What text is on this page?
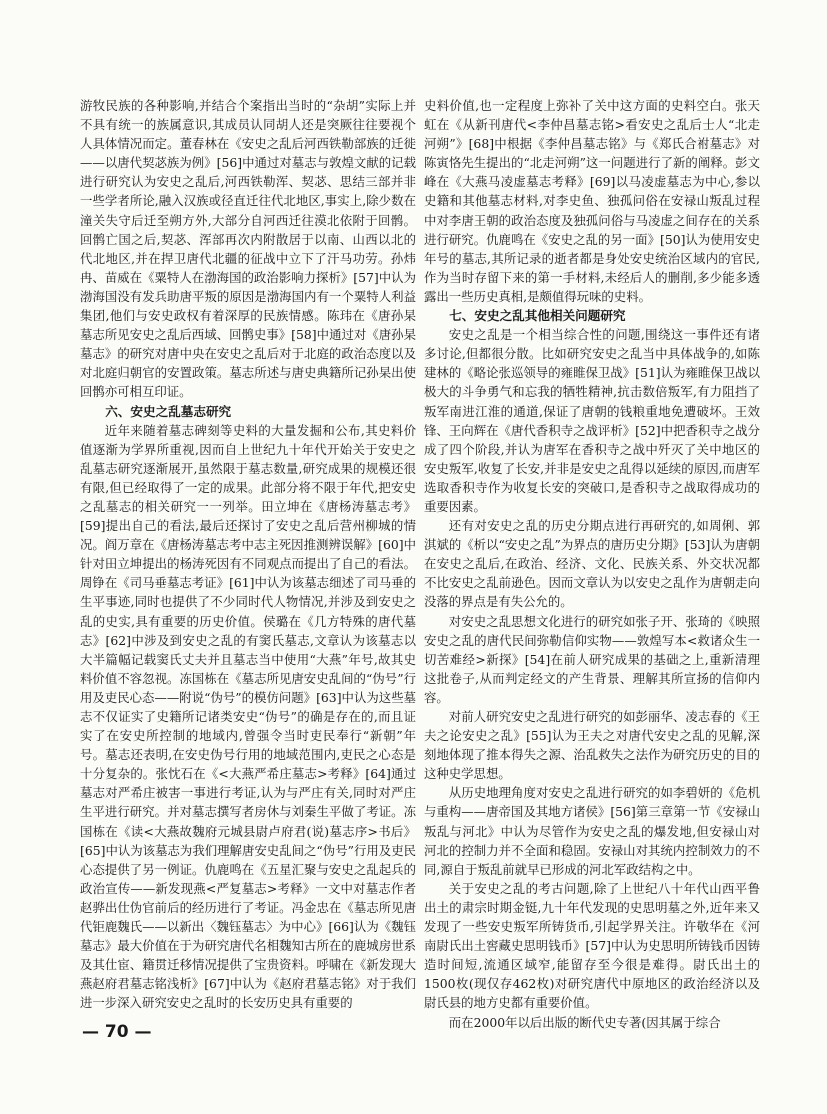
游牧民族的各种影响,并结合个案指出当时的“杂胡”实际上并不具有统一的族属意识,其成员认同胡人还是突厥往往要视个人具体情况而定。董春林在《安史之乱后河西铁勒部族的迁徙——以唐代契苾族为例》[56]中通过对墓志与敦煌文献的记载进行研究认为安史之乱后,河西铁勒浑、契苾、思结三部并非一些学者所论,融入汉族或径直迁往代北地区,事实上,除少数在潼关失守后迁至朔方外,大部分自河西迁往漠北依附于回鹘。回鹘亡国之后,契苾、浑部再次内附散居于以南、山西以北的代北地区,并在捍卫唐代北疆的征战中立下了汗马功劳。孙炜冉、苗威在《粟特人在渤海国的政治影响力探析》[57]中认为渤海国没有发兵助唐平叛的原因是渤海国内有一个粟特人利益集团,他们与安史政权有着深厚的民族情感。陈玮在《唐孙杲墓志所见安史之乱后西域、回鹘史事》[58]中通过对《唐孙杲墓志》的研究对唐中央在安史之乱后对于北庭的政治态度以及对北庭归朝官的安置政策。墓志所述与唐史典籍所记孙杲出使回鹘亦可相互印证。

六、安史之乱墓志研究

近年来随着墓志碑刻等史料的大量发掘和公布,其史料价值逐渐为学界所重视,因而自上世纪九十年代开始关于安史之乱墓志研究逐渐展开,虽然限于墓志数量,研究成果的规模还很有限,但已经取得了一定的成果。此部分将不限于年代,把安史之乱墓志的相关研究一一列举。田立坤在《唐杨涛墓志考》[59]提出自己的看法,最后还探讨了安史之乱后营州柳城的情况。阎万章在《唐杨涛墓志考中志主死因推测辨误解》[60]中针对田立坤提出的杨涛死因有不同观点而提出了自己的看法。周铮在《司马垂墓志考证》[61]中认为该墓志细述了司马垂的生平事迹,同时也提供了不少同时代人物情况,并涉及到安史之乱的史实,具有重要的历史价值。侯璐在《几方特殊的唐代墓志》[62]中涉及到安史之乱的有窦氏墓志,文章认为该墓志以大半篇幅记载窦氏丈夫并且墓志当中使用“大燕”年号,故其史料价值不容忽视。冻国栋在《墓志所见唐安史乱间的“伪号”行用及吏民心态——附说“伪号”的模仿问题》[63]中认为这些墓志不仅证实了史籍所记诸类安史“伪号”的确是存在的,而且证实了在安史所控制的地域内,曾强令当时吏民奉行“新朝”年号。墓志还表明,在安史伪号行用的地域范围内,吏民之心态是十分复杂的。张忱石在《<大燕严希庄墓志>考释》[64]通过墓志对严希庄被害一事进行考证,认为与严庄有关,同时对严庄生平进行研究。并对墓志撰写者房休与刘秦生平做了考证。冻国栋在《读<大燕故魏府元城县尉卢府君(说)墓志序>书后》[65]中认为该墓志为我们理解唐安史乱间之“伪号”行用及吏民心态提供了另一例证。仇鹿鸣在《五星汇聚与安史之乱起兵的政治宣传——新发现燕<严复墓志>考释》一文中对墓志作者赵骅出仕伪官前后的经历进行了考证。冯金忠在《墓志所见唐代钜鹿魏氏——以新出〈魏钰墓志〉为中心》[66]认为《魏钰墓志》最大价值在于为研究唐代名相魏知古所在的鹿城房世系及其仕宦、籍贯迁移情况提供了宝贵资料。呼啸在《新发现大燕赵府君墓志铭浅析》[67]中认为《赵府君墓志铭》对于我们进一步深入研究安史之乱时的长安历史具有重要的

史料价值,也一定程度上弥补了关中这方面的史料空白。张天虹在《从新刊唐代<李仲昌墓志铭>看安史之乱后士人“北走河朔”》[68]中根据《李仲昌墓志铭》与《郑氏合祔墓志》对陈寅恪先生提出的“北走河朔”这一问题进行了新的阐释。彭文峰在《大燕马凌虚墓志考释》[69]以马凌虚墓志为中心,参以史籍和其他墓志材料,对李史鱼、独孤问俗在安禄山叛乱过程中对李唐王朝的政治态度及独孤问俗与马凌虚之间存在的关系进行研究。仇鹿鸣在《安史之乱的另一面》[50]认为使用安史年号的墓志,其所记录的逝者都是身处安史统治区域内的官民,作为当时存留下来的第一手材料,未经后人的删削,多少能多透露出一些历史真相,是颇值得玩味的史料。

七、安史之乱其他相关问题研究

安史之乱是一个相当综合性的问题,围绕这一事件还有诸多讨论,但都很分散。比如研究安史之乱当中具体战争的,如陈建林的《略论张巡领导的雍睢保卫战》[51]认为雍睢保卫战以极大的斗争勇气和忘我的牺牲精神,抗击数倍叛军,有力阻挡了叛军南进江淮的通道,保证了唐朝的钱粮重地免遭破坏。王效锋、王向辉在《唐代香积寺之战评析》[52]中把香积寺之战分成了四个阶段,并认为唐军在香积寺之战中歼灭了关中地区的安史叛军,收复了长安,并非是安史之乱得以延续的原因,而唐军选取香积寺作为收复长安的突破口,是香积寺之战取得成功的重要因素。

还有对安史之乱的历史分期点进行再研究的,如周俐、郭淇斌的《析以“安史之乱”为界点的唐历史分期》[53]认为唐朝在安史之乱后,在政治、经济、文化、民族关系、外交状况都不比安史之乱前逊色。因而文章认为以安史之乱作为唐朝走向没落的界点是有失公允的。

对安史之乱思想文化进行的研究如张子开、张琦的《映照安史之乱的唐代民间弥勒信仰实物——敦煌写本<救诸众生一切苦难经>新探》[54]在前人研究成果的基础之上,重新清理这批卷子,从而判定经文的产生背景、理解其所宣扬的信仰内容。

对前人研究安史之乱进行研究的如彭丽华、凌志春的《王夫之论安史之乱》[55]认为王夫之对唐代安史之乱的见解,深刻地体现了推本得失之源、治乱救失之法作为研究历史的目的这种史学思想。

从历史地理角度对安史之乱进行研究的如李碧妍的《危机与重构——唐帝国及其地方诸侯》[56]第三章第一节《安禄山叛乱与河北》中认为尽管作为安史之乱的爆发地,但安禄山对河北的控制力并不全面和稳固。安禄山对其统内控制效力的不同,源自于叛乱前就早已形成的河北军政结构之中。

关于安史之乱的考古问题,除了上世纪八十年代山西平鲁出土的肃宗时期金铤,九十年代发现的史思明墓之外,近年来又发现了一些安史叛军所铸货币,引起学界关注。许敬华在《河南尉氏出土窖藏史思明钱币》[57]中认为史思明所铸钱币因铸造时间短,流通区域窄,能留存至今很是难得。尉氏出土的1500枚(现仅存462枚)对研究唐代中原地区的政治经济以及尉氏县的地方史都有重要价值。

而在2000年以后出版的断代史专著(因其属于综合

— 70 —
